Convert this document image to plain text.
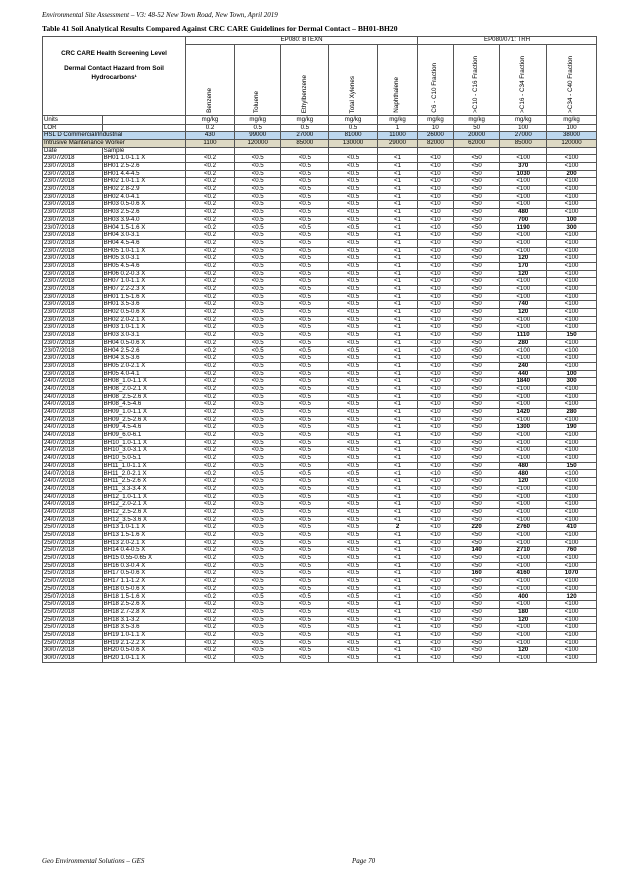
Environmental Site Assessment – V3: 48-52 New Town Road, New Town, April 2019
Table 41 Soil Analytical Results Compared Against CRC CARE Guidelines for Dermal Contact – BH01-BH20
CRC CARE Health Screening Level
Dermal Contact Hazard from Soil Hydrocarbons¹		EP080: BTEXN					EP080/071: TRH			

		Benzene	Toluene	Ethylbenzene	Total Xylenes	Naphthalene	C6 - C10 Fraction	>C10 - C16 Fraction	>C16 - C34 Fraction	>C34 - C40 Fraction

Units		mg/kg	mg/kg	mg/kg	mg/kg	mg/kg	mg/kg	mg/kg	mg/kg	mg/kg
LOR		0.2	0.5	0.5	0.5	1	10	50	100	100
HSL D Commercial/Industrial		430	99000	27000	81000	11000	26000	20000	27000	38000
Intrusive Maintenance Worker		1100	120000	85000	130000	29000	82000	62000	85000	120000
Date	Sample									
23/07/2018	BH01 1.0-1.1 X	<0.2	<0.5	<0.5	<0.5	<1	<10	<50	<100	<100
23/07/2018	BH01 2.5-2.6	<0.2	<0.5	<0.5	<0.5	<1	<10	<50	370	<100
23/07/2018	BH01 4.4-4.5	<0.2	<0.5	<0.5	<0.5	<1	<10	<50	1030	200
23/07/2018	BH02 1.0-1.1 X	<0.2	<0.5	<0.5	<0.5	<1	<10	<50	<100	<100
23/07/2018	BH02 2.8-2.9	<0.2	<0.5	<0.5	<0.5	<1	<10	<50	<100	<100
23/07/2018	BH02 4.0-4.1	<0.2	<0.5	<0.5	<0.5	<1	<10	<50	<100	<100
23/07/2018	BH03 0.5-0.6 X	<0.2	<0.5	<0.5	<0.5	<1	<10	<50	<100	<100
23/07/2018	BH03 2.5-2.6	<0.2	<0.5	<0.5	<0.5	<1	<10	<50	480	<100
23/07/2018	BH03 3.9-4.0	<0.2	<0.5	<0.5	<0.5	<1	<10	<50	700	100
23/07/2018	BH04 1.5-1.6 X	<0.2	<0.5	<0.5	<0.5	<1	<10	<50	1190	300
23/07/2018	BH04 3.0-3.1	<0.2	<0.5	<0.5	<0.5	<1	<10	<50	<100	<100
23/07/2018	BH04 4.5-4.6	<0.2	<0.5	<0.5	<0.5	<1	<10	<50	<100	<100
23/07/2018	BH05 1.0-1.1 X	<0.2	<0.5	<0.5	<0.5	<1	<10	<50	<100	<100
23/07/2018	BH05 3.0-3.1	<0.2	<0.5	<0.5	<0.5	<1	<10	<50	120	<100
23/07/2018	BH05 4.5-4.6	<0.2	<0.5	<0.5	<0.5	<1	<10	<50	170	<100
23/07/2018	BH06 0.2-0.3 X	<0.2	<0.5	<0.5	<0.5	<1	<10	<50	120	<100
23/07/2018	BH07 1.0-1.1 X	<0.2	<0.5	<0.5	<0.5	<1	<10	<50	<100	<100
23/07/2018	BH07 2.2-2.3 X	<0.2	<0.5	<0.5	<0.5	<1	<10	<50	<100	<100
23/07/2018	BH01 1.5-1.6 X	<0.2	<0.5	<0.5	<0.5	<1	<10	<50	<100	<100
23/07/2018	BH01 3.5-3.6	<0.2	<0.5	<0.5	<0.5	<1	<10	<50	740	<100
23/07/2018	BH02 0.5-0.6 X	<0.2	<0.5	<0.5	<0.5	<1	<10	<50	120	<100
23/07/2018	BH02 2.0-2.1 X	<0.2	<0.5	<0.5	<0.5	<1	<10	<50	<100	<100
23/07/2018	BH03 1.0-1.1 X	<0.2	<0.5	<0.5	<0.5	<1	<10	<50	<100	<100
23/07/2018	BH03 3.0-3.1	<0.2	<0.5	<0.5	<0.5	<1	<10	<50	1110	150
23/07/2018	BH04 0.5-0.6 X	<0.2	<0.5	<0.5	<0.5	<1	<10	<50	280	<100
23/07/2018	BH04 2.5-2.6	<0.2	<0.5	<0.5	<0.5	<1	<10	<50	<100	<100
23/07/2018	BH04 3.5-3.6	<0.2	<0.5	<0.5	<0.5	<1	<10	<50	<100	<100
23/07/2018	BH05 2.0-2.1 X	<0.2	<0.5	<0.5	<0.5	<1	<10	<50	240	<100
23/07/2018	BH05 4.0-4.1	<0.2	<0.5	<0.5	<0.5	<1	<10	<50	440	100
24/07/2018	BH08_1.0-1.1 X	<0.2	<0.5	<0.5	<0.5	<1	<10	<50	1840	300
24/07/2018	BH08_2.0-2.1 X	<0.2	<0.5	<0.5	<0.5	<1	<10	<50	<100	<100
24/07/2018	BH08_2.5-2.6 X	<0.2	<0.5	<0.5	<0.5	<1	<10	<50	<100	<100
24/07/2018	BH08_4.5-4.6	<0.2	<0.5	<0.5	<0.5	<1	<10	<50	<100	<100
24/07/2018	BH09_1.0-1.1 X	<0.2	<0.5	<0.5	<0.5	<1	<10	<50	1420	280
24/07/2018	BH09_2.5-2.6 X	<0.2	<0.5	<0.5	<0.5	<1	<10	<50	<100	<100
24/07/2018	BH09_4.5-4.6	<0.2	<0.5	<0.5	<0.5	<1	<10	<50	1300	190
24/07/2018	BH09_6.0-6.1	<0.2	<0.5	<0.5	<0.5	<1	<10	<50	<100	<100
24/07/2018	BH10_1.0-1.1 X	<0.2	<0.5	<0.5	<0.5	<1	<10	<50	<100	<100
24/07/2018	BH10_3.0-3.1 X	<0.2	<0.5	<0.5	<0.5	<1	<10	<50	<100	<100
24/07/2018	BH10_5.0-5.1	<0.2	<0.5	<0.5	<0.5	<1	<10	<50	<100	<100
24/07/2018	BH11_1.0-1.1 X	<0.2	<0.5	<0.5	<0.5	<1	<10	<50	480	150
24/07/2018	BH11_2.0-2.1 X	<0.2	<0.5	<0.5	<0.5	<1	<10	<50	480	<100
24/07/2018	BH11_2.5-2.6 X	<0.2	<0.5	<0.5	<0.5	<1	<10	<50	120	<100
24/07/2018	BH11_3.3-3.4 X	<0.2	<0.5	<0.5	<0.5	<1	<10	<50	<100	<100
24/07/2018	BH12_1.0-1.1 X	<0.2	<0.5	<0.5	<0.5	<1	<10	<50	<100	<100
24/07/2018	BH12_2.0-2.1 X	<0.2	<0.5	<0.5	<0.5	<1	<10	<50	<100	<100
24/07/2018	BH12_2.5-2.6 X	<0.2	<0.5	<0.5	<0.5	<1	<10	<50	<100	<100
24/07/2018	BH12_3.5-3.6 X	<0.2	<0.5	<0.5	<0.5	<1	<10	<50	<100	<100
25/07/2018	BH13 1.0-1.1 X	<0.2	<0.5	<0.5	<0.5	2	<10	220	2760	410
25/07/2018	BH13 1.5-1.6 X	<0.2	<0.5	<0.5	<0.5	<1	<10	<50	<100	<100
25/07/2018	BH13 2.0-2.1 X	<0.2	<0.5	<0.5	<0.5	<1	<10	<50	<100	<100
25/07/2018	BH14 0.4-0.5 X	<0.2	<0.5	<0.5	<0.5	<1	<10	140	2710	760
25/07/2018	BH15 0.55-0.65 X	<0.2	<0.5	<0.5	<0.5	<1	<10	<50	<100	<100
25/07/2018	BH16 0.3-0.4 X	<0.2	<0.5	<0.5	<0.5	<1	<10	<50	<100	<100
25/07/2018	BH17 0.5-0.6 X	<0.2	<0.5	<0.5	<0.5	<1	<10	160	4160	1070
25/07/2018	BH17 1.1-1.2 X	<0.2	<0.5	<0.5	<0.5	<1	<10	<50	<100	<100
25/07/2018	BH18 0.5-0.6 X	<0.2	<0.5	<0.5	<0.5	<1	<10	<50	<100	<100
25/07/2018	BH18 1.5-1.6 X	<0.2	<0.5	<0.5	<0.5	<1	<10	<50	400	120
25/07/2018	BH18 2.5-2.6 X	<0.2	<0.5	<0.5	<0.5	<1	<10	<50	<100	<100
25/07/2018	BH18 2.7-2.8 X	<0.2	<0.5	<0.5	<0.5	<1	<10	<50	180	<100
25/07/2018	BH18 3.1-3.2	<0.2	<0.5	<0.5	<0.5	<1	<10	<50	120	<100
25/07/2018	BH18 3.5-3.6	<0.2	<0.5	<0.5	<0.5	<1	<10	<50	<100	<100
25/07/2018	BH19 1.0-1.1 X	<0.2	<0.5	<0.5	<0.5	<1	<10	<50	<100	<100
25/07/2018	BH19 2.1-2.2 X	<0.2	<0.5	<0.5	<0.5	<1	<10	<50	<100	<100
30/07/2018	BH20 0.5-0.6 X	<0.2	<0.5	<0.5	<0.5	<1	<10	<50	120	<100
30/07/2018	BH20 1.0-1.1 X	<0.2	<0.5	<0.5	<0.5	<1	<10	<50	<100	<100
Geo Environmental Solutions – GES	Page 70
